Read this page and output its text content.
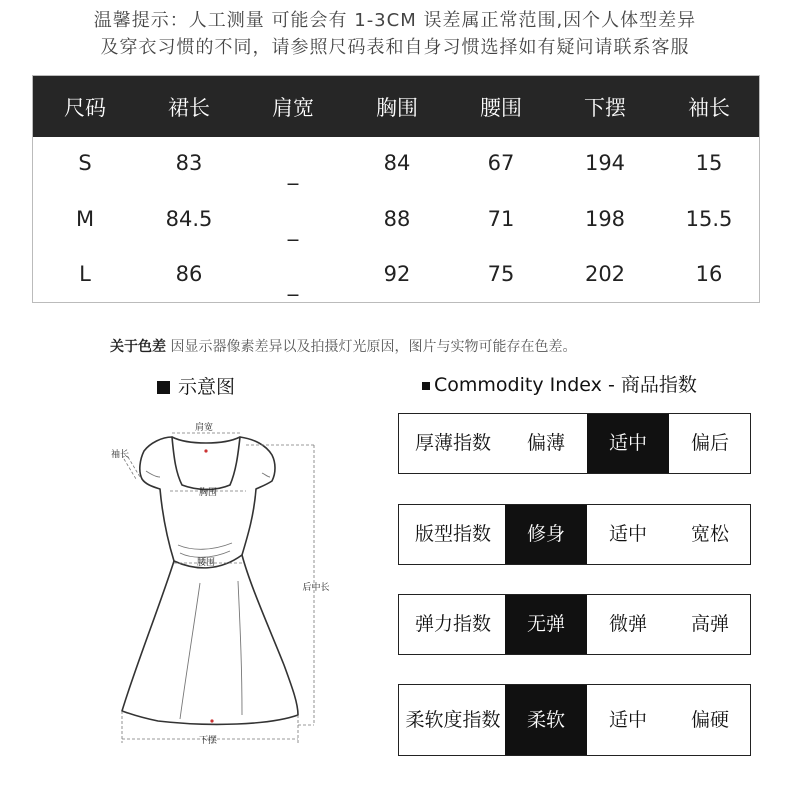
温馨提示：人工测量 可能会有 1-3CM 误差属正常范围,因个人体型差异
及穿衣习惯的不同，请参照尺码表和自身习惯选择如有疑问请联系客服
尺码	裙长	肩宽	胸围	腰围	下摆	袖长
S	83	_	84	67	194	15
M	84.5	_	88	71	198	15.5
L	86	_	92	75	202	16
关于色差 因显示器像素差异以及拍摄灯光原因，图片与实物可能存在色差。
示意图	Commodity Index - 商品指数
肩宽
胸围
腰围
后中长
下摆
袖长
厚薄指数	偏薄	适中	偏后
版型指数	修身	适中	宽松
弹力指数	无弹	微弹	高弹
柔软度指数	柔软	适中	偏硬
